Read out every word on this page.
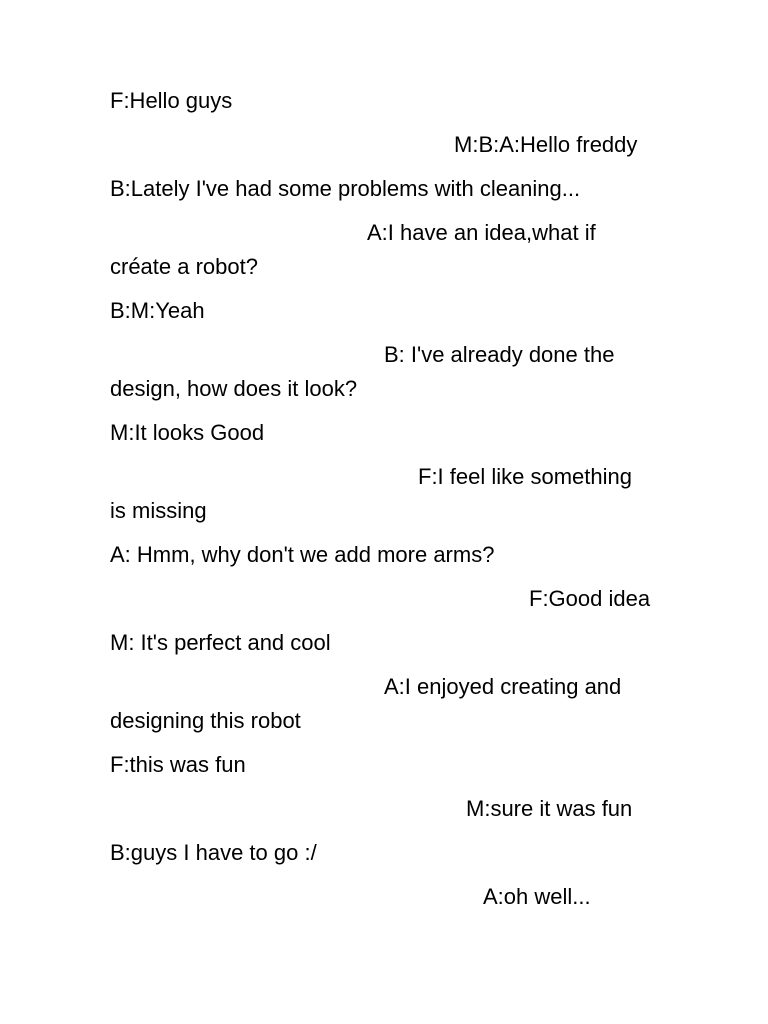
F:Hello guys

M:B:A:Hello freddy

B:Lately I've had some problems with cleaning...

A:I have an idea,what if

créate a robot?

B:M:Yeah

B: I've already done the

design, how does it look?

M:It looks Good

F:I feel like something

is missing

A: Hmm, why don't we add more arms?

F:Good idea

M: It's perfect and cool

A:I enjoyed creating and

designing this robot

F:this was fun

M:sure it was fun

B:guys I have to go :/

A:oh well...
